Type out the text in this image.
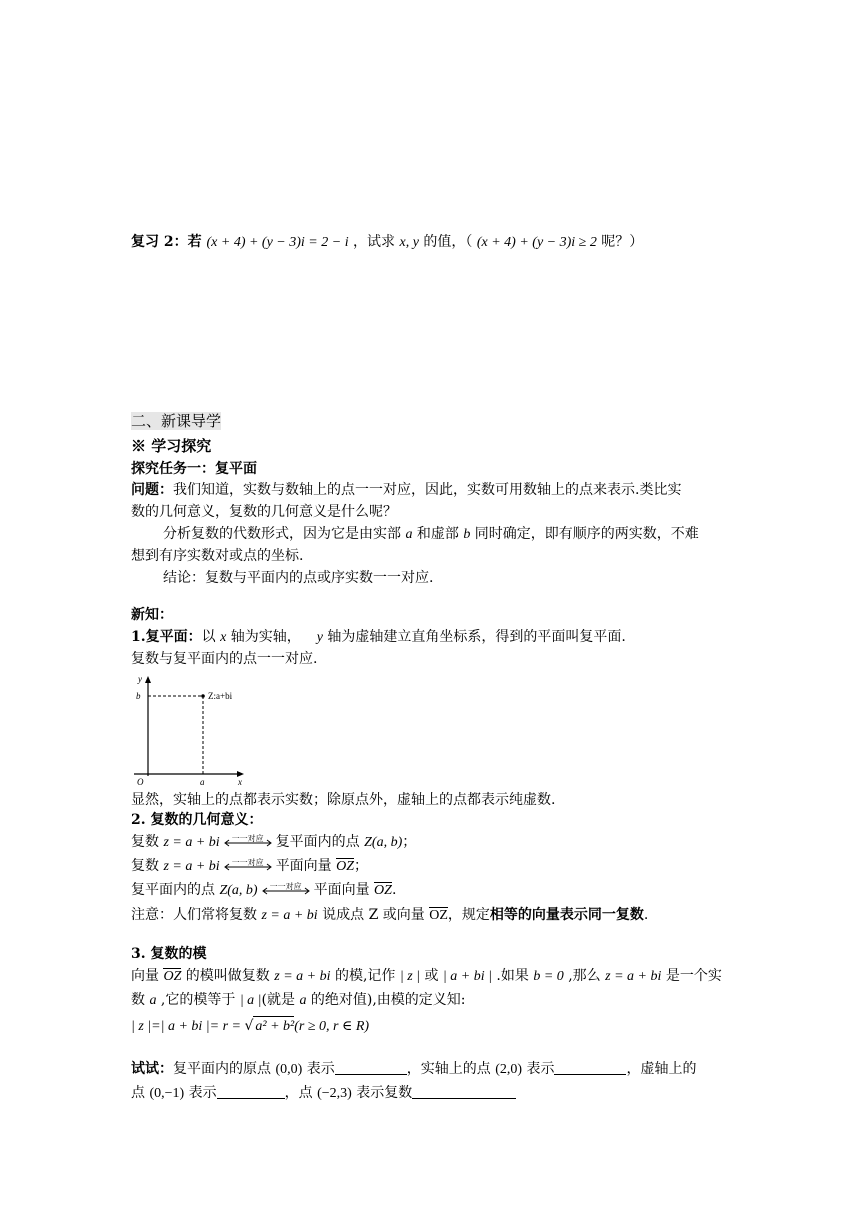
复习 2：若 (x + 4) + (y − 3)i = 2 − i ，试求 x, y 的值，（ (x + 4) + (y − 3)i ≥ 2 呢？）
二、新课导学
※ 学习探究
探究任务一：复平面
问题：我们知道，实数与数轴上的点一一对应，因此，实数可用数轴上的点来表示.类比实
数的几何意义，复数的几何意义是什么呢？
分析复数的代数形式，因为它是由实部 a 和虚部 b 同时确定，即有顺序的两实数，不难
想到有序实数对或点的坐标.
结论：复数与平面内的点或序实数一一对应.
新知：
1.复平面：以 x 轴为实轴， y 轴为虚轴建立直角坐标系，得到的平面叫复平面.
复数与复平面内的点一一对应.
y
b	Z:a+bi
O	a	x
显然，实轴上的点都表示实数；除原点外，虚轴上的点都表示纯虚数.
2. 复数的几何意义：
复数 z = a + bi	一一对应 复平面内的点 Z(a, b)；
复数 z = a + bi	一一对应 平面向量 OZ；
复平面内的点 Z(a, b)	一一对应 平面向量 OZ.
注意：人们常将复数 z = a + bi 说成点 Z 或向量 OZ，规定相等的向量表示同一复数.
3. 复数的模
向量 OZ 的模叫做复数 z = a + bi 的模,记作 | z | 或 | a + bi | .如果 b = 0 ,那么 z = a + bi 是一个实
数 a ,它的模等于 | a |(就是 a 的绝对值),由模的定义知:
| z |=| a + bi |= r = √ a² + b²(r ≥ 0, r ∈ R)
试试：复平面内的原点 (0,0) 表示	，实轴上的点 (2,0) 表示	，虚轴上的
点 (0,−1) 表示	，点 (−2,3) 表示复数
